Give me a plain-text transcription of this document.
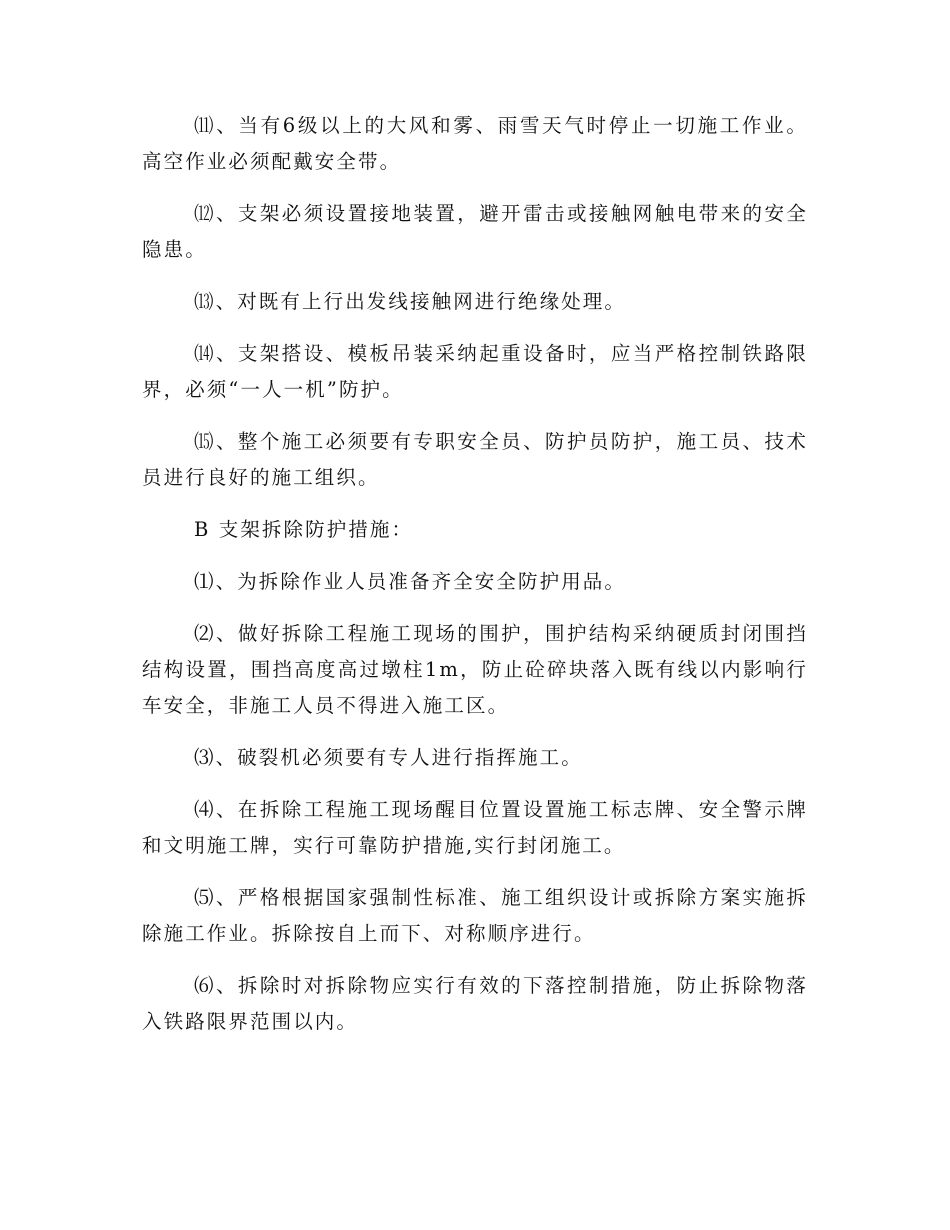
⑾、当有6级以上的大风和雾、雨雪天气时停止一切施工作业。高空作业必须配戴安全带。

⑿、支架必须设置接地装置，避开雷击或接触网触电带来的安全隐患。

⒀、对既有上行出发线接触网进行绝缘处理。

⒁、支架搭设、模板吊装采纳起重设备时，应当严格控制铁路限界，必须“一人一机”防护。

⒂、整个施工必须要有专职安全员、防护员防护，施工员、技术员进行良好的施工组织。

B 支架拆除防护措施：

⑴、为拆除作业人员准备齐全安全防护用品。

⑵、做好拆除工程施工现场的围护，围护结构采纳硬质封闭围挡结构设置，围挡高度高过墩柱1m，防止砼碎块落入既有线以内影响行车安全，非施工人员不得进入施工区。

⑶、破裂机必须要有专人进行指挥施工。

⑷、在拆除工程施工现场醒目位置设置施工标志牌、安全警示牌和文明施工牌，实行可靠防护措施,实行封闭施工。

⑸、严格根据国家强制性标准、施工组织设计或拆除方案实施拆除施工作业。拆除按自上而下、对称顺序进行。

⑹、拆除时对拆除物应实行有效的下落控制措施，防止拆除物落入铁路限界范围以内。
